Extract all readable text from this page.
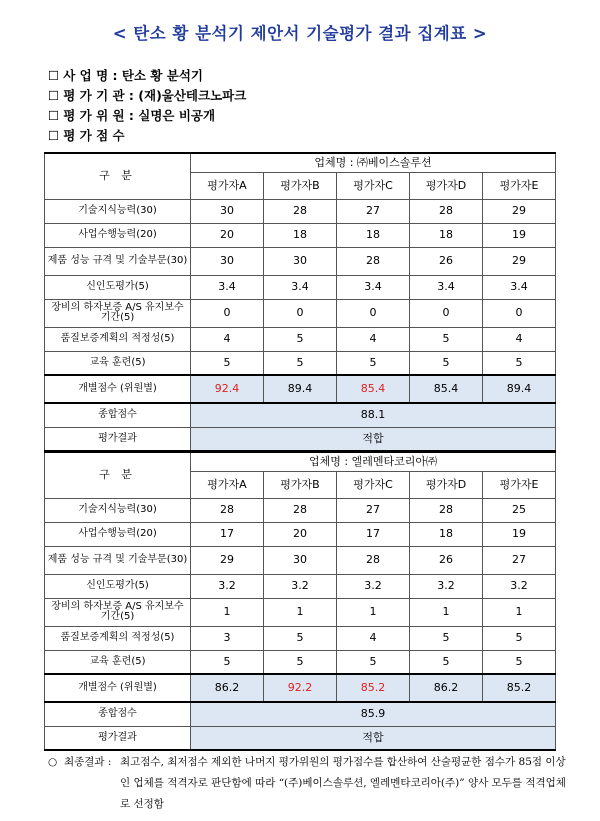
< 탄소 황 분석기 제안서 기술평가 결과 집계표 >
☐ 사 업 명 : 탄소 황 분석기
☐ 평 가 기 관 : (재)울산테크노파크
☐ 평 가 위 원 : 실명은 비공개
☐ 평 가 점 수
구 분	업체명 : ㈜베이스솔루션				
	평가자A	평가자B	평가자C	평가자D	평가자E
기술지식능력(30)	30	28	27	28	29
사업수행능력(20)	20	18	18	18	19
제품 성능 규격 및 기술부문(30)	30	30	28	26	29
신인도평가(5)	3.4	3.4	3.4	3.4	3.4
장비의 하자보증 A/S 유지보수 기간(5)	0	0	0	0	0
품질보증계획의 적정성(5)	4	5	4	5	4
교육 훈련(5)	5	5	5	5	5
개별점수 (위원별)	92.4	89.4	85.4	85.4	89.4
종합점수	88.1				
평가결과	적합				
구 분	업체명 : 엘레멘타코리아㈜				
	평가자A	평가자B	평가자C	평가자D	평가자E
기술지식능력(30)	28	28	27	28	25
사업수행능력(20)	17	20	17	18	19
제품 성능 규격 및 기술부문(30)	29	30	28	26	27
신인도평가(5)	3.2	3.2	3.2	3.2	3.2
장비의 하자보증 A/S 유지보수 기간(5)	1	1	1	1	1
품질보증계획의 적정성(5)	3	5	4	5	5
교육 훈련(5)	5	5	5	5	5
개별점수 (위원별)	86.2	92.2	85.2	86.2	85.2
종합점수	85.9				
평가결과	적합				
○ 최종결과 : 최고점수, 최저점수 제외한 나머지 평가위원의 평가점수를 합산하여 산술평균한 점수가 85점 이상인 업체를 적격자로 판단함에 따라 “(주)베이스솔루션, 엘레멘타코리아(주)” 양사 모두를 적격업체로 선정함
